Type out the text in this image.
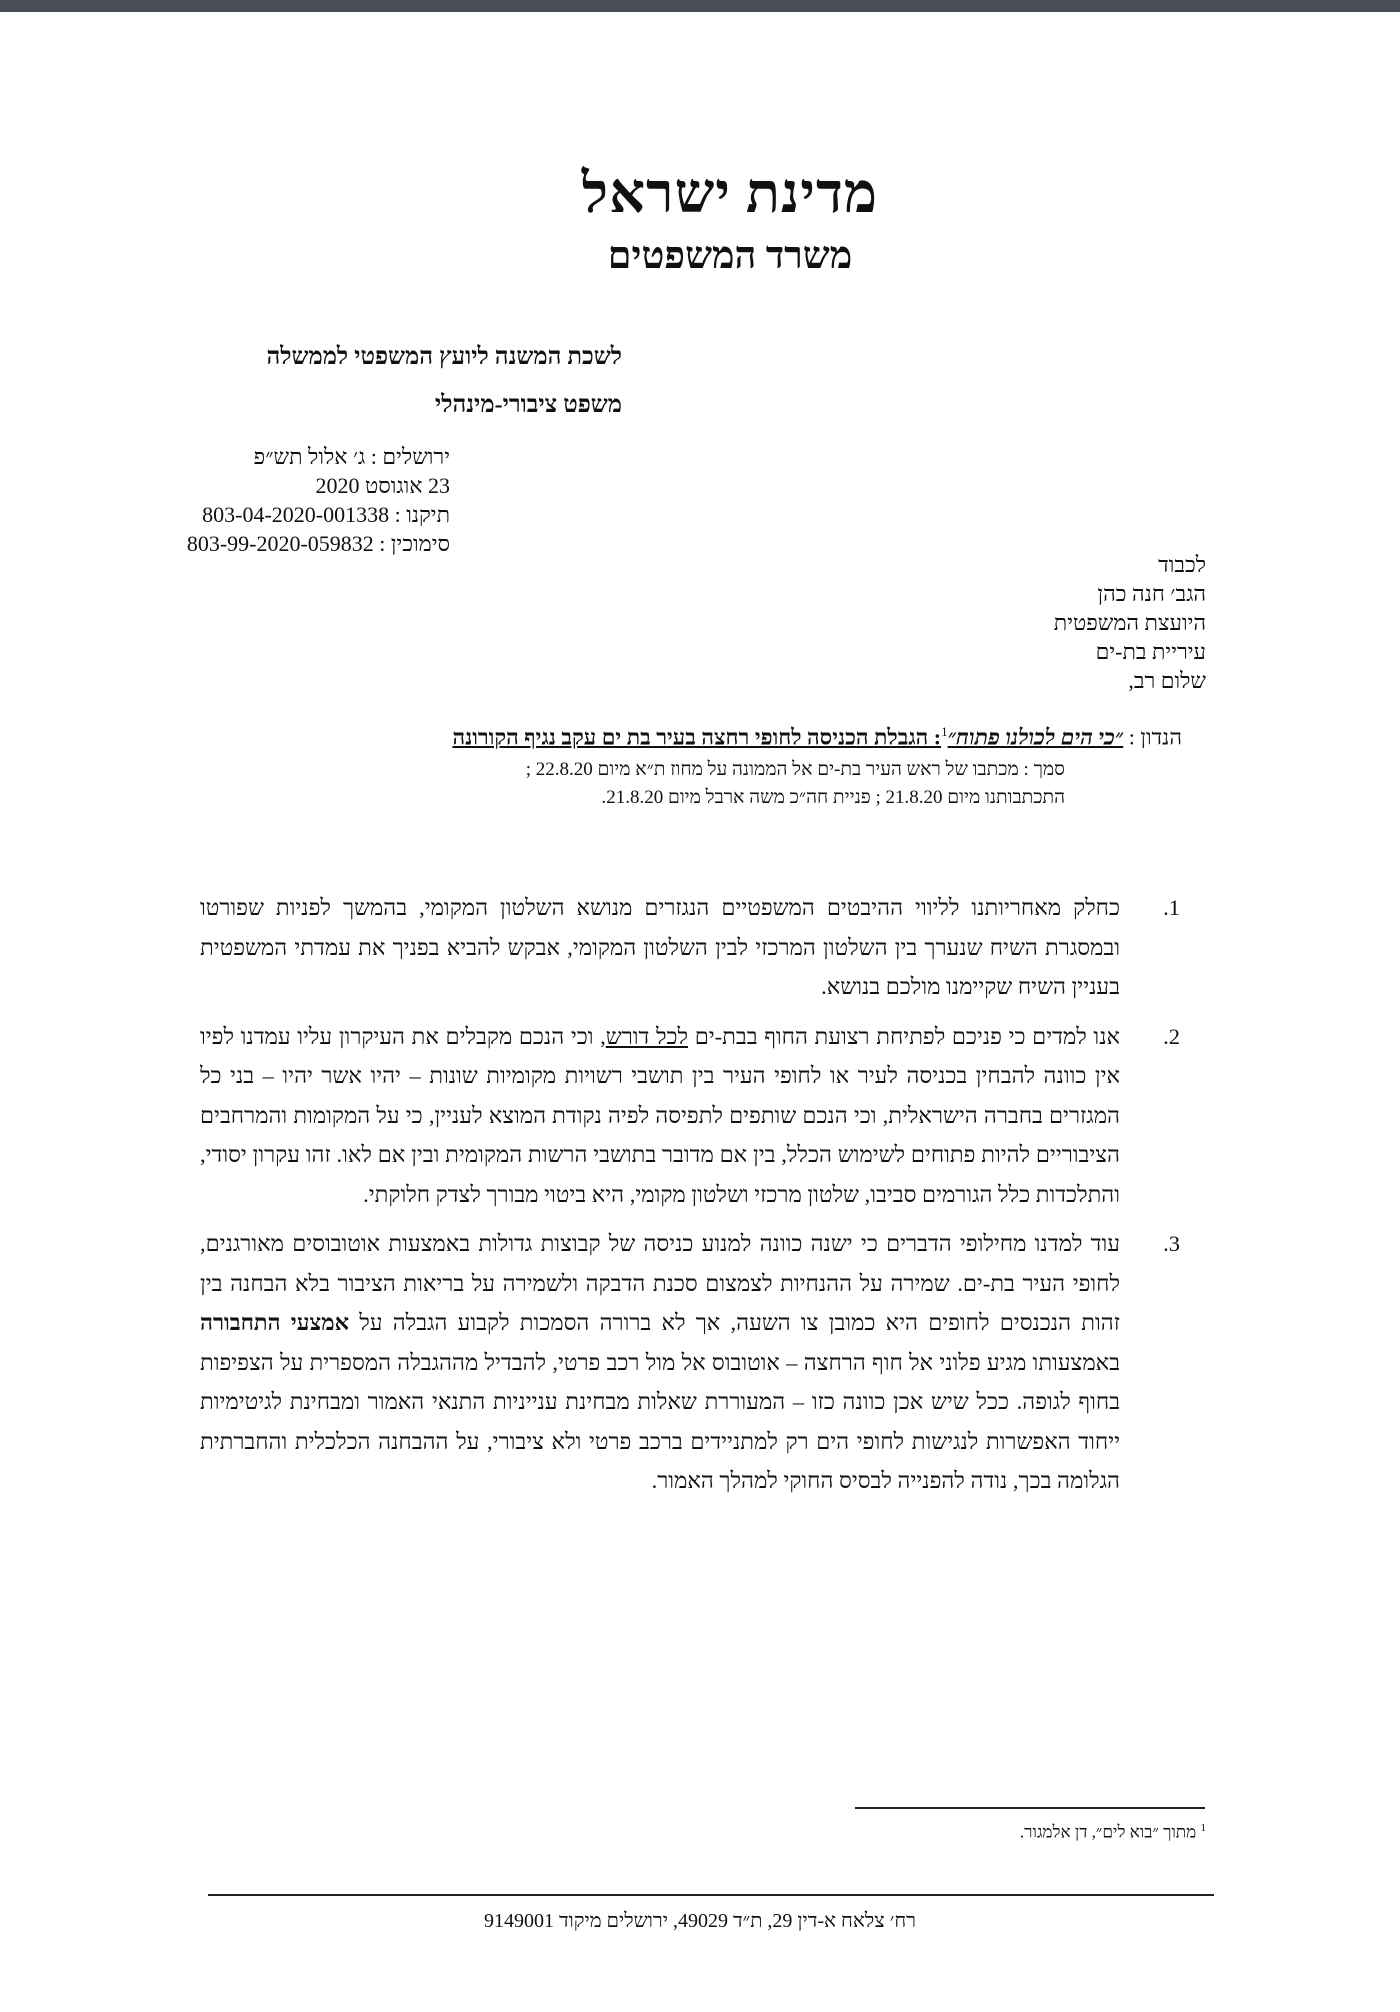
מדינת ישראל
משרד המשפטים
לשכת המשנה ליועץ המשפטי לממשלה
משפט ציבורי-מינהלי
ירושלים : ג׳ אלול תש״פ
23 אוגוסט 2020
תיקנו : 803-04-2020-001338
סימוכין : 803-99-2020-059832
לכבוד
הגב׳ חנה כהן
היועצת המשפטית
עיריית בת-ים
שלום רב,
הנדון : ״כי הים לכולנו פתוח״$^1$: הגבלת הכניסה לחופי רחצה בעיר בת ים עקב נגיף הקורונה
סמך : מכתבו של ראש העיר בת-ים אל הממונה על מחוז ת״א מיום 22.8.20 ;
התכתבותנו מיום 21.8.20 ; פניית חה״כ משה ארבל מיום 21.8.20.
1.
כחלק מאחריותנו לליווי ההיבטים המשפטיים הנגזרים מנושא השלטון המקומי, בהמשך לפניות שפורטו ובמסגרת השיח שנערך בין השלטון המרכזי לבין השלטון המקומי, אבקש להביא בפניך את עמדתי המשפטית בעניין השיח שקיימנו מולכם בנושא.
2.
אנו למדים כי פניכם לפתיחת רצועת החוף בבת-ים לכל דורש, וכי הנכם מקבלים את העיקרון עליו עמדנו לפיו אין כוונה להבחין בכניסה לעיר או לחופי העיר בין תושבי רשויות מקומיות שונות – יהיו אשר יהיו – בני כל המגזרים בחברה הישראלית, וכי הנכם שותפים לתפיסה לפיה נקודת המוצא לעניין, כי על המקומות והמרחבים הציבוריים להיות פתוחים לשימוש הכלל, בין אם מדובר בתושבי הרשות המקומית ובין אם לאו. זהו עקרון יסודי, והתלכדות כלל הגורמים סביבו, שלטון מרכזי ושלטון מקומי, היא ביטוי מבורך לצדק חלוקתי.
3.
עוד למדנו מחילופי הדברים כי ישנה כוונה למנוע כניסה של קבוצות גדולות באמצעות אוטובוסים מאורגנים, לחופי העיר בת-ים. שמירה על ההנחיות לצמצום סכנת הדבקה ולשמירה על בריאות הציבור בלא הבחנה בין זהות הנכנסים לחופים היא כמובן צו השעה, אך לא ברורה הסמכות לקבוע הגבלה על אמצעי התחבורה באמצעותו מגיע פלוני אל חוף הרחצה – אוטובוס אל מול רכב פרטי, להבדיל מההגבלה המספרית על הצפיפות בחוף לגופה. ככל שיש אכן כוונה כזו – המעוררת שאלות מבחינת ענייניות התנאי האמור ומבחינת לגיטימיות ייחוד האפשרות לנגישות לחופי הים רק למתניידים ברכב פרטי ולא ציבורי, על ההבחנה הכלכלית והחברתית הגלומה בכך, נודה להפנייה לבסיס החוקי למהלך האמור.
$^1$ מתוך ״בוא לים״, דן אלמגור.
רח׳ צלאח א-דין 29, ת״ד 49029, ירושלים מיקוד 9149001
